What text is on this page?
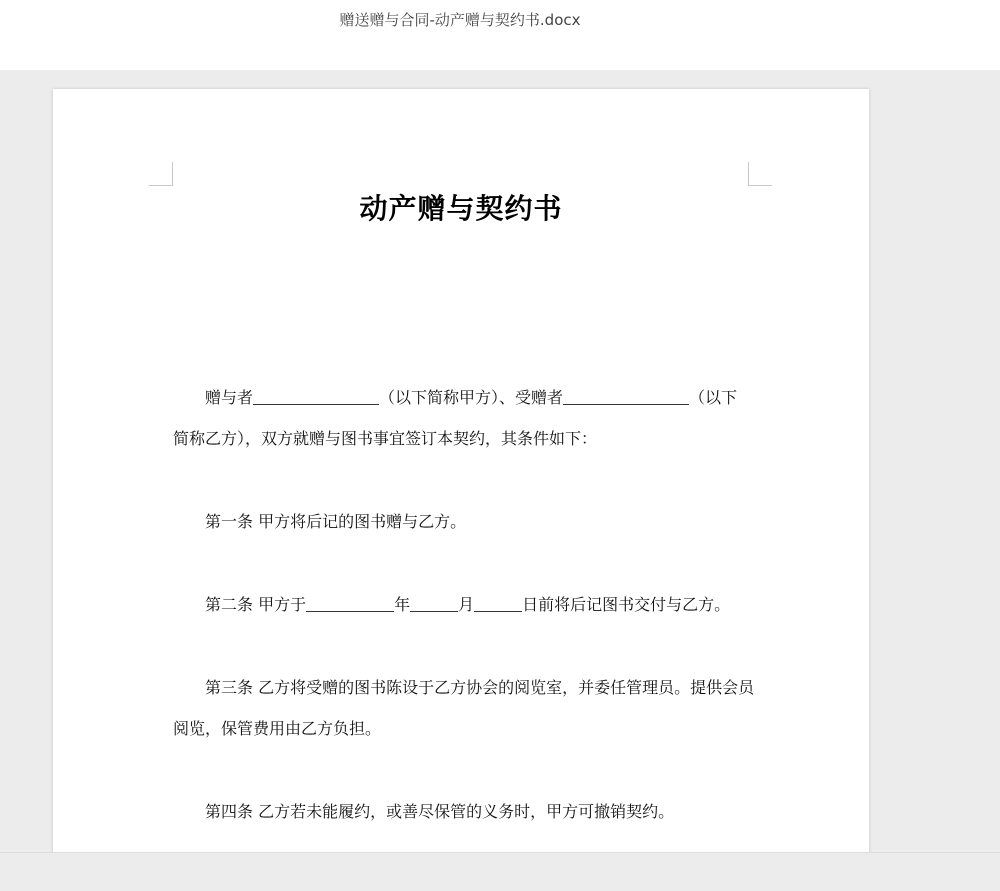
赠送赠与合同-动产赠与契约书.docx
动产赠与契约书
赠与者	（以下简称甲方）、受赠者	（以下
简称乙方），双方就赠与图书事宜签订本契约，其条件如下：
第一条 甲方将后记的图书赠与乙方。
第二条 甲方于	年	月	日前将后记图书交付与乙方。
第三条 乙方将受赠的图书陈设于乙方协会的阅览室，并委任管理员。提供会员
阅览，保管费用由乙方负担。
第四条 乙方若未能履约，或善尽保管的义务时，甲方可撤销契约。
